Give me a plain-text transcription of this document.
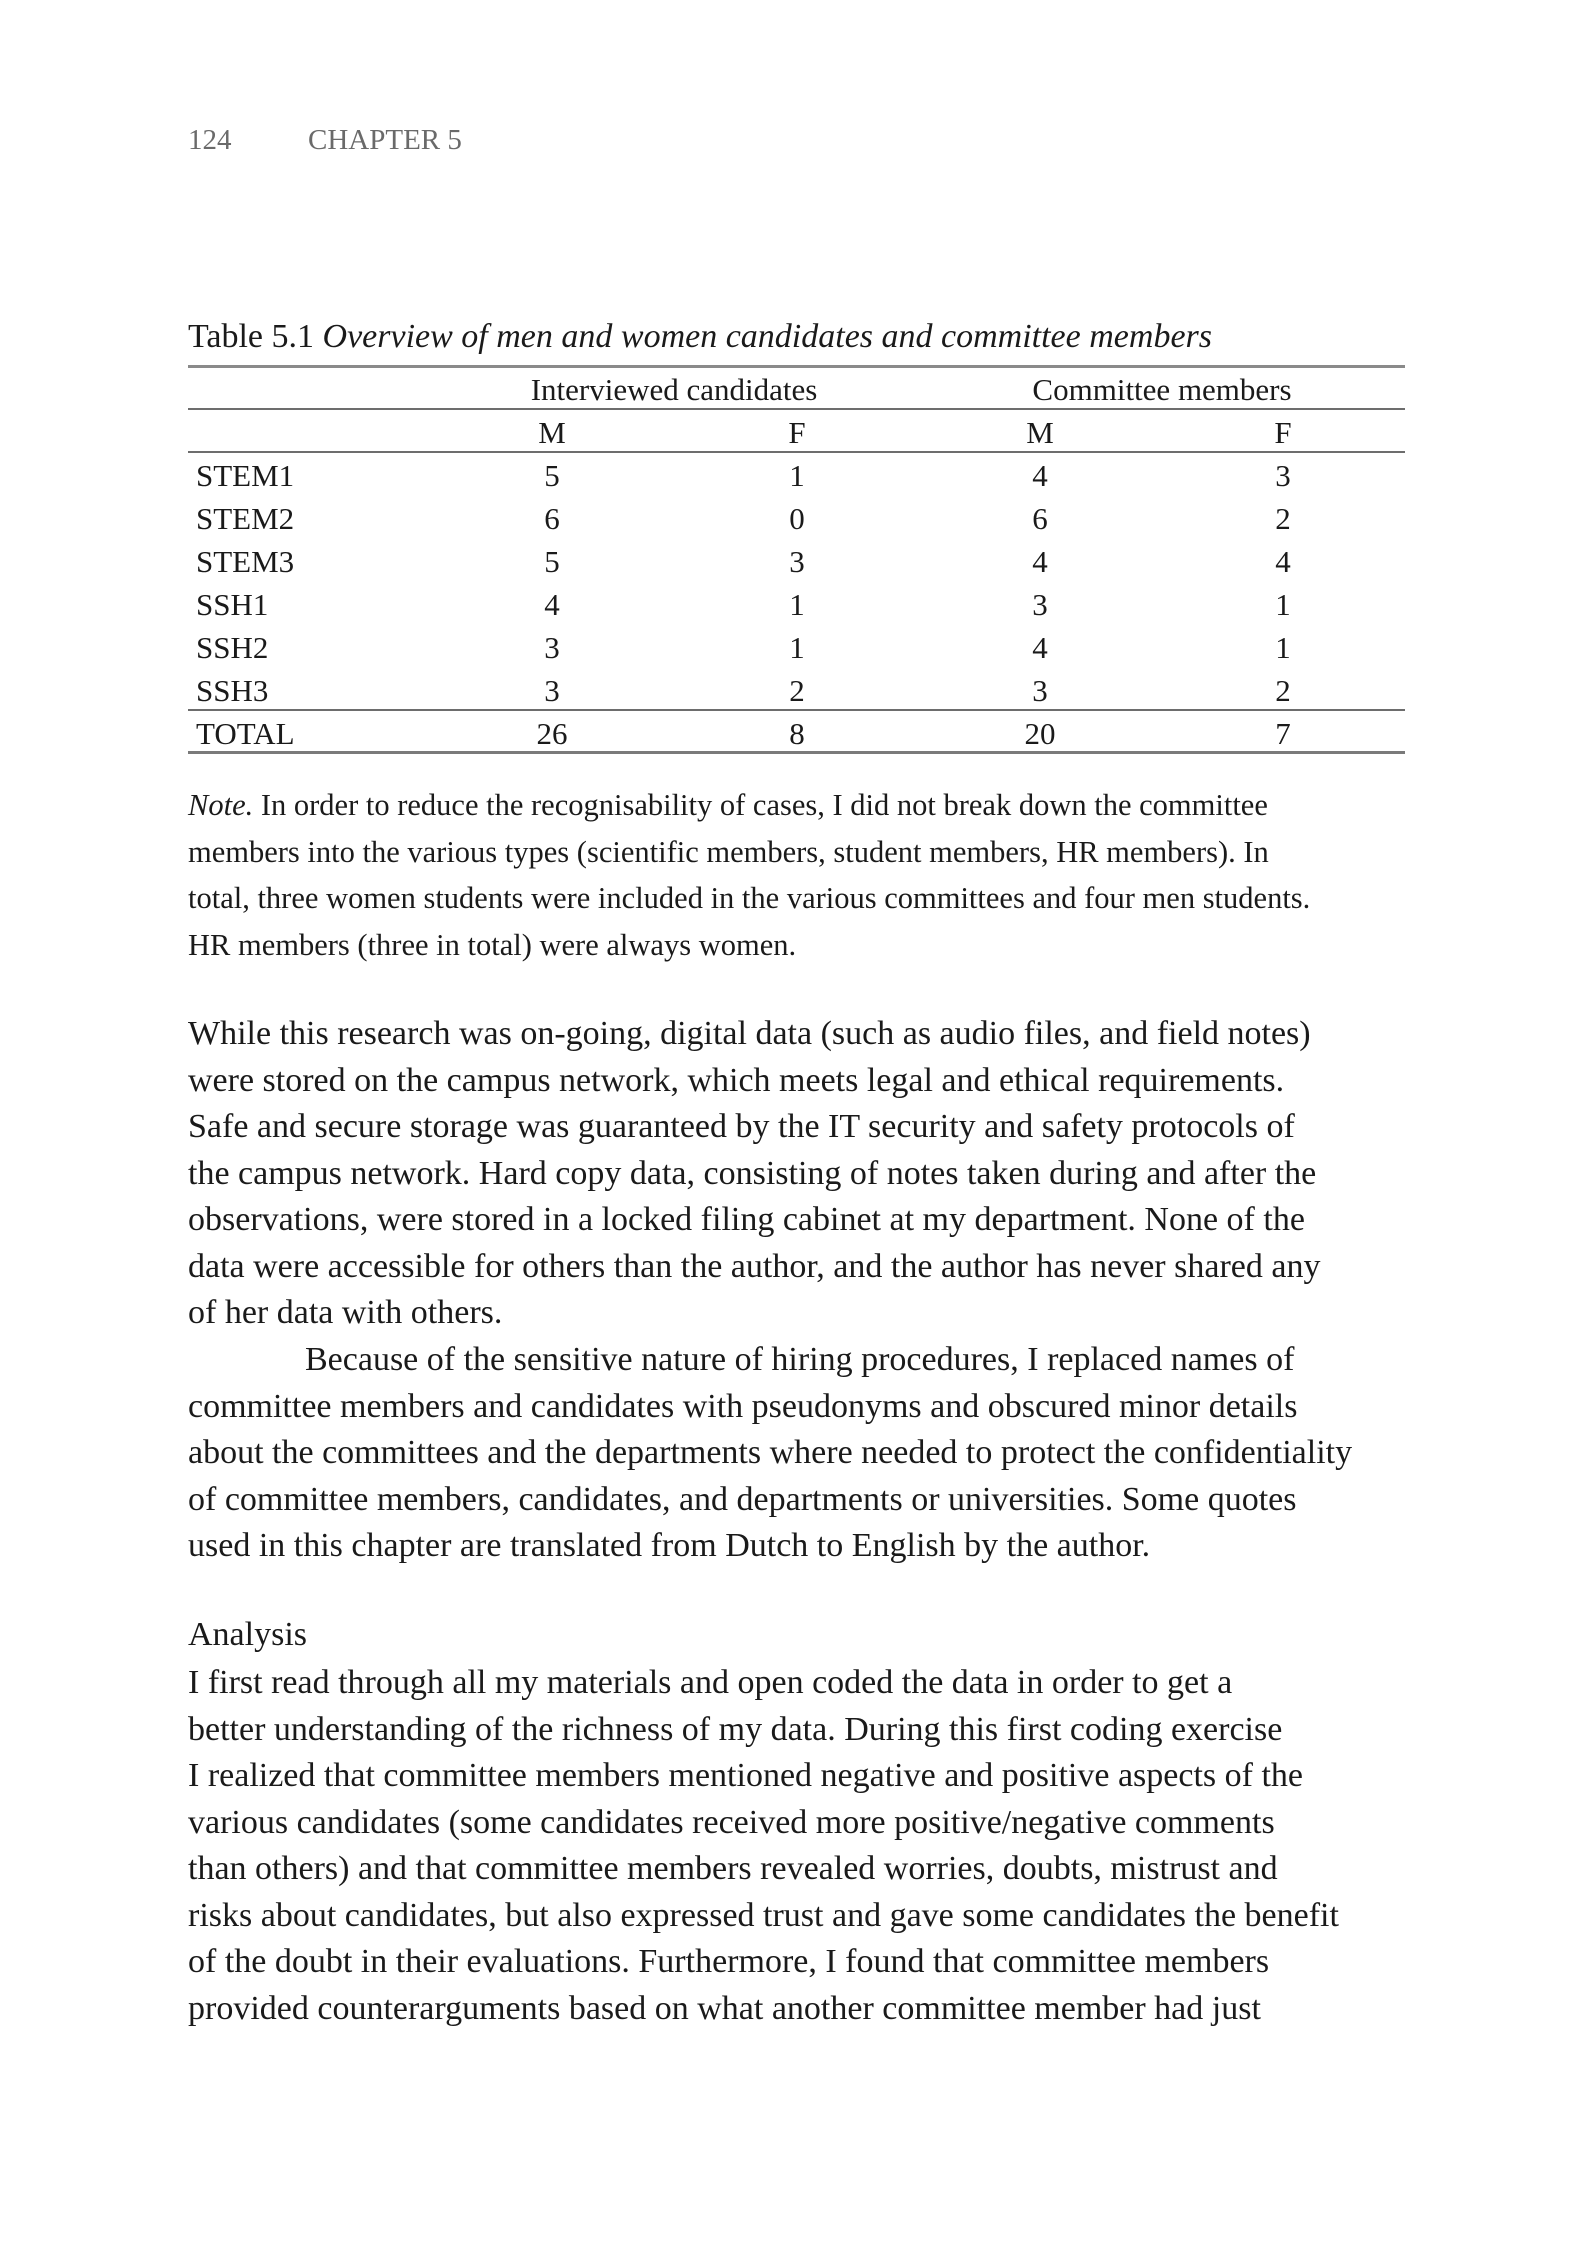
124	CHAPTER 5
Table 5.1 Overview of men and women candidates and committee members
Interviewed candidates	Committee members
M	F	M	F
STEM1	5	1	4	3
STEM2	6	0	6	2
STEM3	5	3	4	4
SSH1	4	1	3	1
SSH2	3	1	4	1
SSH3	3	2	3	2
TOTAL	26	8	20	7
Note. In order to reduce the recognisability of cases, I did not break down the committee
members into the various types (scientific members, student members, HR members). In
total, three women students were included in the various committees and four men students.
HR members (three in total) were always women.
While this research was on-going, digital data (such as audio files, and field notes)
were stored on the campus network, which meets legal and ethical requirements.
Safe and secure storage was guaranteed by the IT security and safety protocols of
the campus network. Hard copy data, consisting of notes taken during and after the
observations, were stored in a locked filing cabinet at my department. None of the
data were accessible for others than the author, and the author has never shared any
of her data with others.
Because of the sensitive nature of hiring procedures, I replaced names of
committee members and candidates with pseudonyms and obscured minor details
about the committees and the departments where needed to protect the confidentiality
of committee members, candidates, and departments or universities. Some quotes
used in this chapter are translated from Dutch to English by the author.
Analysis
I first read through all my materials and open coded the data in order to get a
better understanding of the richness of my data. During this first coding exercise
I realized that committee members mentioned negative and positive aspects of the
various candidates (some candidates received more positive/negative comments
than others) and that committee members revealed worries, doubts, mistrust and
risks about candidates, but also expressed trust and gave some candidates the benefit
of the doubt in their evaluations. Furthermore, I found that committee members
provided counterarguments based on what another committee member had just
